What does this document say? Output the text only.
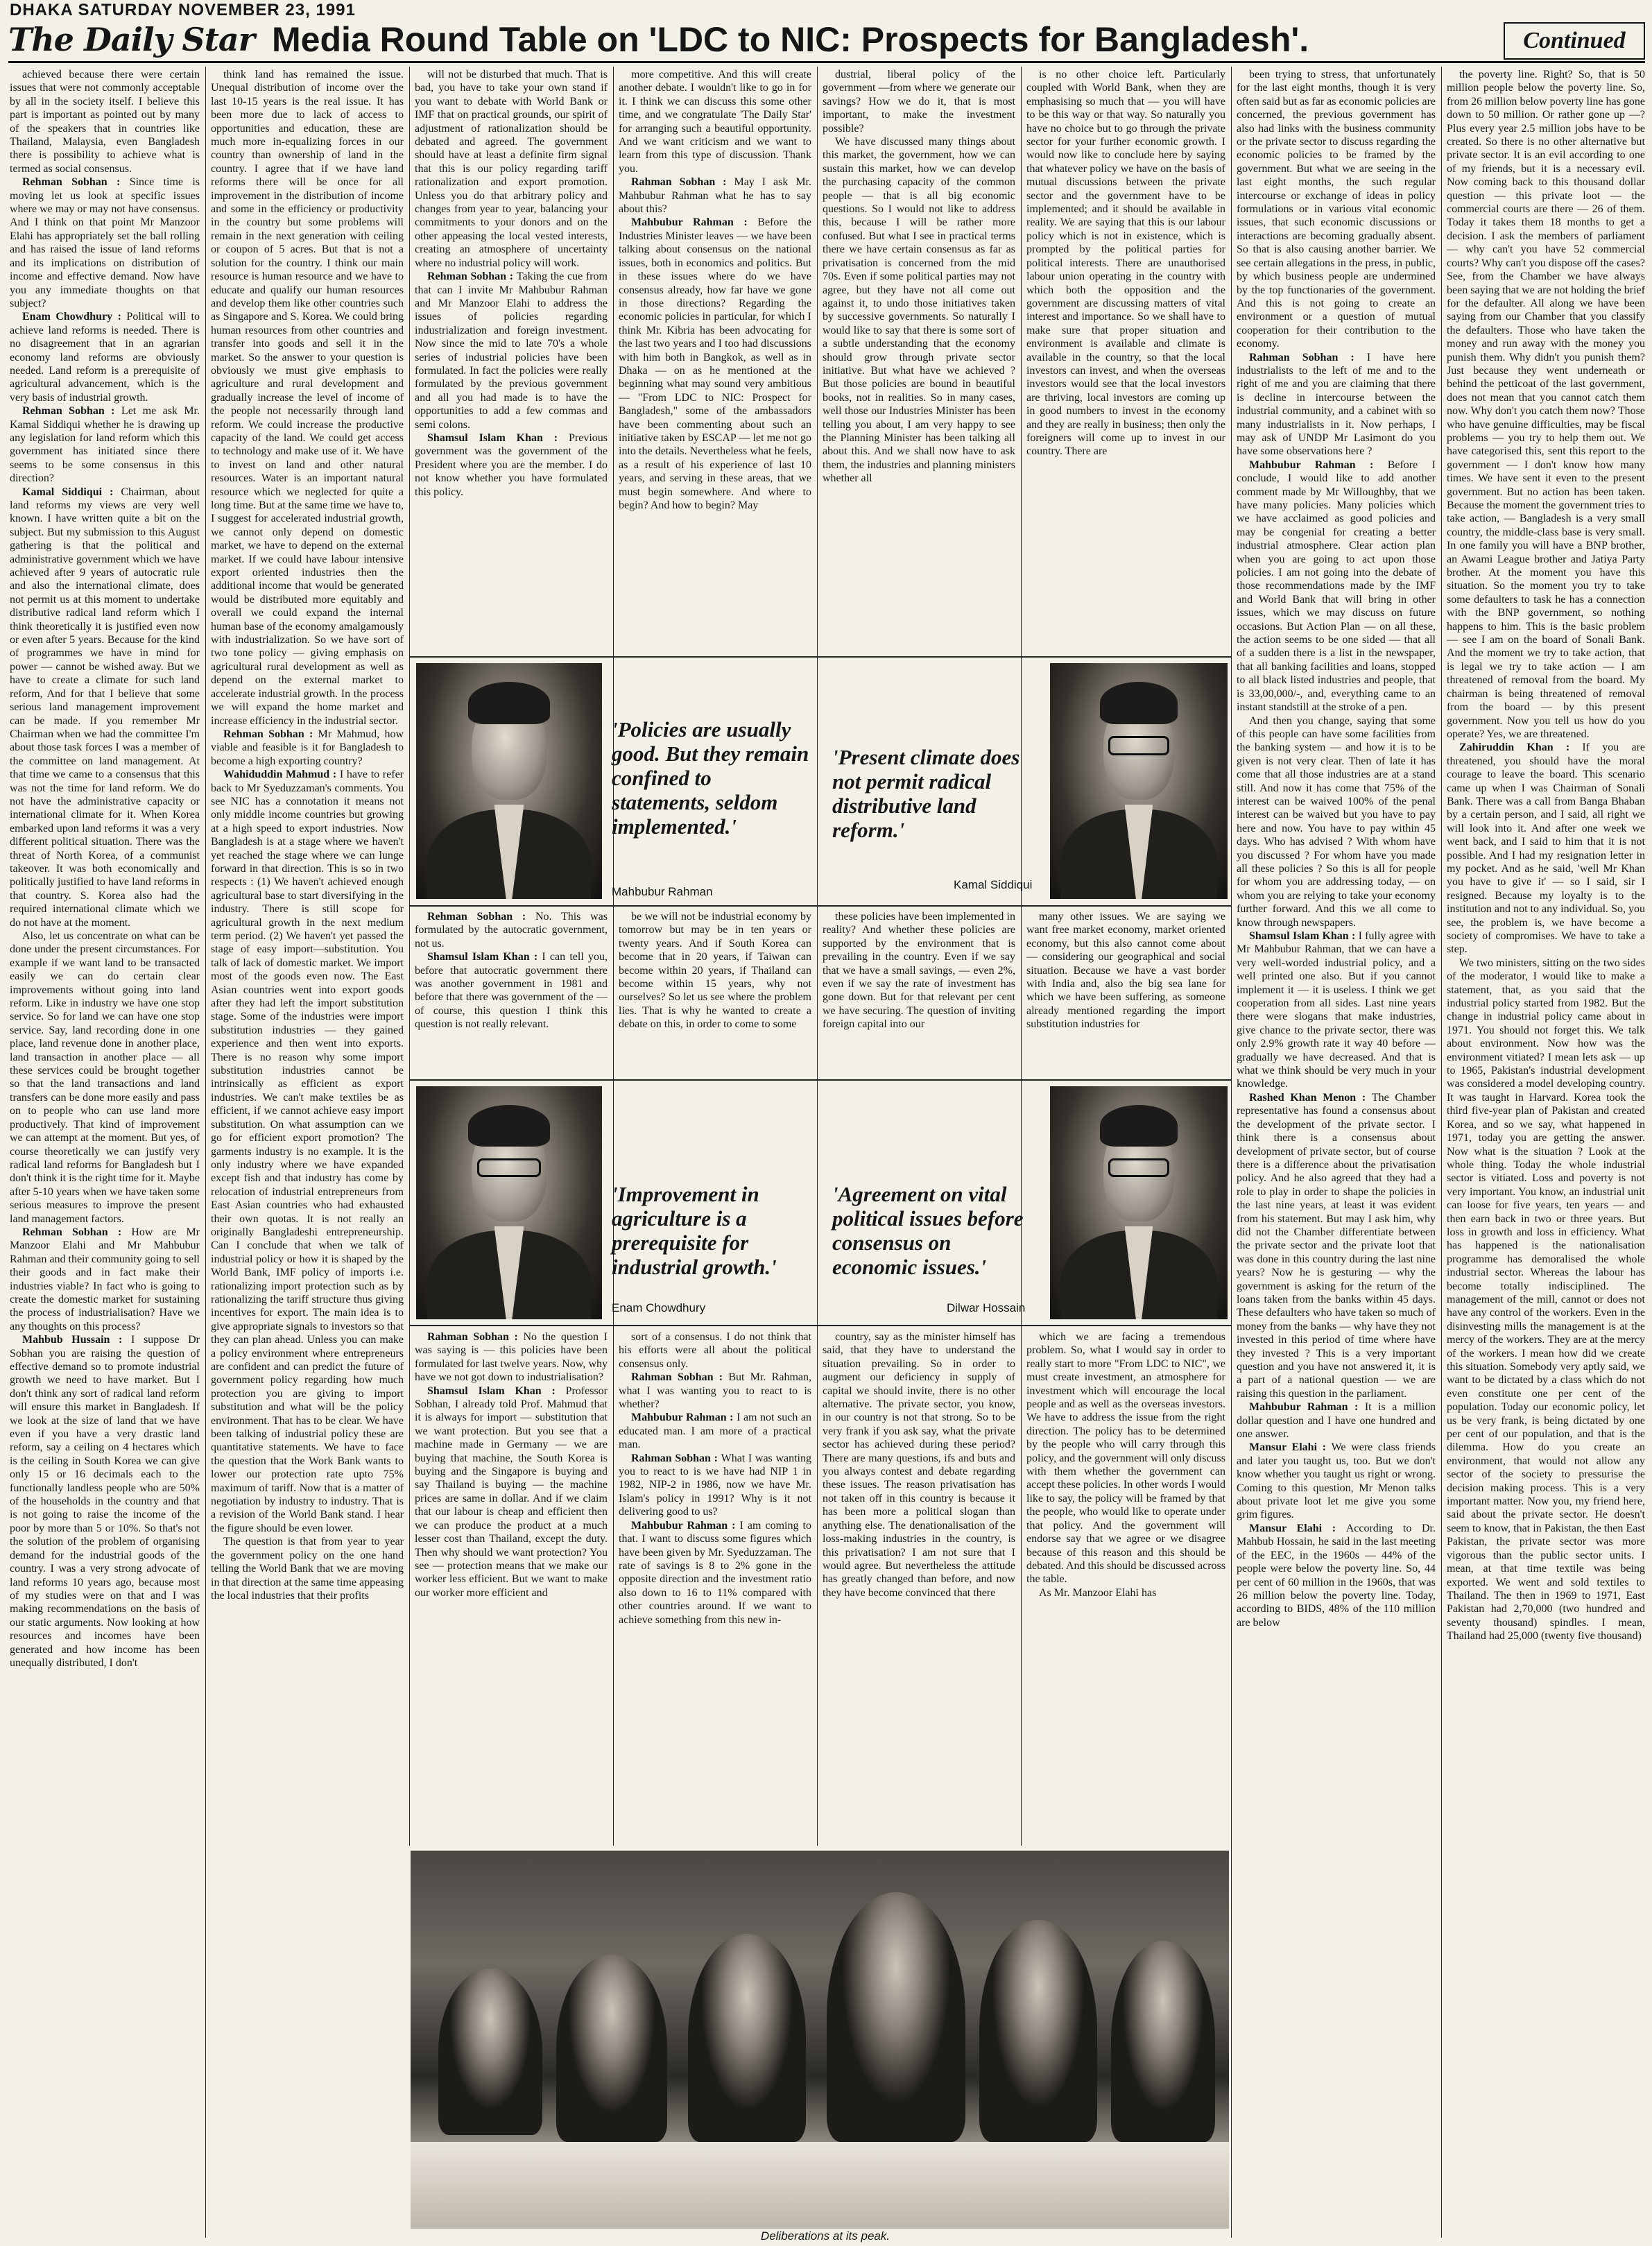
DHAKA SATURDAY NOVEMBER 23, 1991
The Daily Star Media Round Table on 'LDC to NIC: Prospects for Bangladesh'.	Continued

achieved because there were certain issues that were not commonly acceptable by all in the society itself. I believe this part is important as pointed out by many of the speakers that in countries like Thailand, Malaysia, even Bangladesh there is possibility to achieve what is termed as social consensus.

Rehman Sobhan : Since time is moving let us look at specific issues where we may or may not have consensus. And I think on that point Mr Manzoor Elahi has appropriately set the ball rolling and has raised the issue of land reforms and its implications on distribution of income and effective demand. Now have you any immediate thoughts on that subject?

Enam Chowdhury : Political will to achieve land reforms is needed. There is no disagreement that in an agrarian economy land reforms are obviously needed. Land reform is a prerequisite of agricultural advancement, which is the very basis of industrial growth.

Rehman Sobhan : Let me ask Mr. Kamal Siddiqui whether he is drawing up any legislation for land reform which this government has initiated since there seems to be some consensus in this direction?

Kamal Siddiqui : Chairman, about land reforms my views are very well known. I have written quite a bit on the subject. But my submission to this August gathering is that the political and administrative government which we have achieved after 9 years of autocratic rule and also the international climate, does not permit us at this moment to undertake distributive radical land reform which I think theoretically it is justified even now or even after 5 years. Because for the kind of programmes we have in mind for power — cannot be wished away. But we have to create a climate for such land reform, And for that I believe that some serious land management improvement can be made. If you remember Mr Chairman when we had the committee I'm about those task forces I was a member of the committee on land management. At that time we came to a consensus that this was not the time for land reform. We do not have the administrative capacity or international climate for it. When Korea embarked upon land reforms it was a very different political situation. There was the threat of North Korea, of a communist takeover. It was both economically and politically justified to have land reforms in that country. S. Korea also had the required international climate which we do not have at the moment.

Also, let us concentrate on what can be done under the present circumstances. For example if we want land to be transacted easily we can do certain clear improvements without going into land reform. Like in industry we have one stop service. So for land we can have one stop service. Say, land recording done in one place, land revenue done in another place, land transaction in another place — all these services could be brought together so that the land transactions and land transfers can be done more easily and pass on to people who can use land more productively. That kind of improvement we can attempt at the moment. But yes, of course theoretically we can justify very radical land reforms for Bangladesh but I don't think it is the right time for it. Maybe after 5-10 years when we have taken some serious measures to improve the present land management factors.

Rehman Sobhan : How are Mr Manzoor Elahi and Mr Mahbubur Rahman and their community going to sell their goods and in fact make their industries viable? In fact who is going to create the domestic market for sustaining the process of industrialisation? Have we any thoughts on this process?

Mahbub Hussain : I suppose Dr Sobhan you are raising the question of effective demand so to promote industrial growth we need to have market. But I don't think any sort of radical land reform will ensure this market in Bangladesh. If we look at the size of land that we have even if you have a very drastic land reform, say a ceiling on 4 hectares which is the ceiling in South Korea we can give only 15 or 16 decimals each to the functionally landless people who are 50% of the households in the country and that is not going to raise the income of the poor by more than 5 or 10%. So that's not the solution of the problem of organising demand for the industrial goods of the country. I was a very strong advocate of land reforms 10 years ago, because most of my studies were on that and I was making recommendations on the basis of our static arguments. Now looking at how resources and incomes have been generated and how income has been unequally distributed, I don't

think land has remained the issue. Unequal distribution of income over the last 10-15 years is the real issue. It has been more due to lack of access to opportunities and education, these are much more in-equalizing forces in our country than ownership of land in the country. I agree that if we have land reforms there will be once for all improvement in the distribution of income and some in the efficiency or productivity in the country but some problems will remain in the next generation with ceiling or coupon of 5 acres. But that is not a solution for the country. I think our main resource is human resource and we have to educate and qualify our human resources and develop them like other countries such as Singapore and S. Korea. We could bring human resources from other countries and transfer into goods and sell it in the market. So the answer to your question is obviously we must give emphasis to agriculture and rural development and gradually increase the level of income of the people not necessarily through land reform. We could increase the productive capacity of the land. We could get access to technology and make use of it. We have to invest on land and other natural resources. Water is an important natural resource which we neglected for quite a long time. But at the same time we have to, I suggest for accelerated industrial growth, we cannot only depend on domestic market, we have to depend on the external market. If we could have labour intensive export oriented industries then the additional income that would be generated would be distributed more equitably and overall we could expand the internal human base of the economy amalgamously with industrialization. So we have sort of two tone policy — giving emphasis on agricultural rural development as well as depend on the external market to accelerate industrial growth. In the process we will expand the home market and increase efficiency in the industrial sector.

Rehman Sobhan : Mr Mahmud, how viable and feasible is it for Bangladesh to become a high exporting country?

Wahiduddin Mahmud : I have to refer back to Mr Syeduzzaman's comments. You see NIC has a connotation it means not only middle income countries but growing at a high speed to export industries. Now Bangladesh is at a stage where we haven't yet reached the stage where we can lunge forward in that direction. This is so in two respects : (1) We haven't achieved enough agricultural base to start diversifying in the industry. There is still scope for agricultural growth in the next medium term period. (2) We haven't yet passed the stage of easy import—substitution. You talk of lack of domestic market. We import most of the goods even now. The East Asian countries went into export goods after they had left the import substitution stage. Some of the industries were import substitution industries — they gained experience and then went into exports. There is no reason why some import substitution industries cannot be intrinsically as efficient as export industries. We can't make textiles be as efficient, if we cannot achieve easy import substitution. On what assumption can we go for efficient export promotion? The garments industry is no example. It is the only industry where we have expanded except fish and that industry has come by relocation of industrial entrepreneurs from East Asian countries who had exhausted their own quotas. It is not really an originally Bangladeshi entrepreneurship. Can I conclude that when we talk of industrial policy or how it is shaped by the World Bank, IMF policy of imports i.e. rationalizing import protection such as by rationalizing the tariff structure thus giving incentives for export. The main idea is to give appropriate signals to investors so that they can plan ahead. Unless you can make a policy environment where entrepreneurs are confident and can predict the future of government policy regarding how much protection you are giving to import substitution and what will be the policy environment. That has to be clear. We have been talking of industrial policy these are quantitative statements. We have to face the question that the Work Bank wants to lower our protection rate upto 75% maximum of tariff. Now that is a matter of negotiation by industry to industry. That is a revision of the World Bank stand. I hear the figure should be even lower.

The question is that from year to year the government policy on the one hand telling the World Bank that we are moving in that direction at the same time appeasing the local industries that their profits

will not be disturbed that much. That is bad, you have to take your own stand if you want to debate with World Bank or IMF that on practical grounds, our spirit of adjustment of rationalization should be debated and agreed. The government should have at least a definite firm signal that this is our policy regarding tariff rationalization and export promotion. Unless you do that arbitrary policy and changes from year to year, balancing your commitments to your donors and on the other appeasing the local vested interests, creating an atmosphere of uncertainty where no industrial policy will work.

Rehman Sobhan : Taking the cue from that can I invite Mr Mahbubur Rahman and Mr Manzoor Elahi to address the issues of policies regarding industrialization and foreign investment. Now since the mid to late 70's a whole series of industrial policies have been formulated. In fact the policies were really formulated by the previous government and all you had made is to have the opportunities to add a few commas and semi colons.

Shamsul Islam Khan : Previous government was the government of the President where you are the member. I do not know whether you have formulated this policy.

more competitive. And this will create another debate. I wouldn't like to go in for it. I think we can discuss this some other time, and we congratulate 'The Daily Star' for arranging such a beautiful opportunity. And we want criticism and we want to learn from this type of discussion. Thank you.

Rahman Sobhan : May I ask Mr. Mahbubur Rahman what he has to say about this?

Mahbubur Rahman : Before the Industries Minister leaves — we have been talking about consensus on the national issues, both in economics and politics. But in these issues where do we have consensus already, how far have we gone in those directions? Regarding the economic policies in particular, for which I think Mr. Kibria has been advocating for the last two years and I too had discussions with him both in Bangkok, as well as in Dhaka — on as he mentioned at the beginning what may sound very ambitious — "From LDC to NIC: Prospect for Bangladesh," some of the ambassadors have been commenting about such an initiative taken by ESCAP — let me not go into the details. Nevertheless what he feels, as a result of his experience of last 10 years, and serving in these areas, that we must begin somewhere. And where to begin? And how to begin? May

dustrial, liberal policy of the government —from where we generate our savings? How we do it, that is most important, to make the investment possible?

We have discussed many things about this market, the government, how we can sustain this market, how we can develop the purchasing capacity of the common people — that is all big economic questions. So I would not like to address this, because I will be rather more confused. But what I see in practical terms there we have certain consensus as far as privatisation is concerned from the mid 70s. Even if some political parties may not agree, but they have not all come out against it, to undo those initiatives taken by successive governments. So naturally I would like to say that there is some sort of a subtle understanding that the economy should grow through private sector initiative. But what have we achieved ? But those policies are bound in beautiful books, not in realities. So in many cases, well those our Industries Minister has been telling you about, I am very happy to see the Planning Minister has been talking all about this. And we shall now have to ask them, the industries and planning ministers whether all

is no other choice left. Particularly coupled with World Bank, when they are emphasising so much that — you will have to be this way or that way. So naturally you have no choice but to go through the private sector for your further economic growth. I would now like to conclude here by saying that whatever policy we have on the basis of mutual discussions between the private sector and the government have to be implemented; and it should be available in reality. We are saying that this is our labour policy which is not in existence, which is prompted by the political parties for political interests. There are unauthorised labour union operating in the country with which both the opposition and the government are discussing matters of vital interest and importance. So we shall have to make sure that proper situation and environment is available and climate is available in the country, so that the local investors can invest, and when the overseas investors would see that the local investors are thriving, local investors are coming up in good numbers to invest in the economy and they are really in business; then only the foreigners will come up to invest in our country. There are

been trying to stress, that unfortunately for the last eight months, though it is very often said but as far as economic policies are concerned, the previous government has also had links with the business community or the private sector to discuss regarding the economic policies to be framed by the government. But what we are seeing in the last eight months, the such regular intercourse or exchange of ideas in policy formulations or in various vital economic issues, that such economic discussions or interactions are becoming gradually absent. So that is also causing another barrier. We see certain allegations in the press, in public, by which business people are undermined by the top functionaries of the government. And this is not going to create an environment or a question of mutual cooperation for their contribution to the economy.

Rahman Sobhan : I have here industrialists to the left of me and to the right of me and you are claiming that there is decline in intercourse between the industrial community, and a cabinet with so many industrialists in it. Now perhaps, I may ask of UNDP Mr Lasimont do you have some observations here ?

Mahbubur Rahman : Before I conclude, I would like to add another comment made by Mr Willoughby, that we have many policies. Many policies which we have acclaimed as good policies and may be congenial for creating a better industrial atmosphere. Clear action plan when you are going to act upon those policies. I am not going into the debate of those recommendations made by the IMF and World Bank that will bring in other issues, which we may discuss on future occasions. But Action Plan — on all these, the action seems to be one sided — that all of a sudden there is a list in the newspaper, that all banking facilities and loans, stopped to all black listed industries and people, that is 33,00,000/-, and, everything came to an instant standstill at the stroke of a pen.

And then you change, saying that some of this people can have some facilities from the banking system — and how it is to be given is not very clear. Then of late it has come that all those industries are at a stand still. And now it has come that 75% of the interest can be waived 100% of the penal interest can be waived but you have to pay here and now. You have to pay within 45 days. Who has advised ? With whom have you discussed ? For whom have you made all these policies ? So this is all for people for whom you are addressing today, — on whom you are relying to take your economy further forward. And this we all come to know through newspapers.

Shamsul Islam Khan : I fully agree with Mr Mahbubur Rahman, that we can have a very well-worded industrial policy, and a well printed one also. But if you cannot implement it — it is useless. I think we get cooperation from all sides. Last nine years there were slogans that make industries, give chance to the private sector, there was only 2.9% growth rate it way 40 before — gradually we have decreased. And that is what we think should be very much in your knowledge.

Rashed Khan Menon : The Chamber representative has found a consensus about the development of the private sector. I think there is a consensus about development of private sector, but of course there is a difference about the privatisation policy. And he also agreed that they had a role to play in order to shape the policies in the last nine years, at least it was evident from his statement. But may I ask him, why did not the Chamber differentiate between the private sector and the private loot that was done in this country during the last nine years? Now he is gesturing — why the government is asking for the return of the loans taken from the banks within 45 days. These defaulters who have taken so much of money from the banks — why have they not invested in this period of time where have they invested ? This is a very important question and you have not answered it, it is a part of a national question — we are raising this question in the parliament.

Mahbubur Rahman : It is a million dollar question and I have one hundred and one answer.

Mansur Elahi : We were class friends and later you taught us, too. But we don't know whether you taught us right or wrong. Coming to this question, Mr Menon talks about private loot let me give you some grim figures.

Mansur Elahi : According to Dr. Mahbub Hossain, he said in the last meeting of the EEC, in the 1960s — 44% of the people were below the poverty line. So, 44 per cent of 60 million in the 1960s, that was 26 million below the poverty line. Today, according to BIDS, 48% of the 110 million are below

the poverty line. Right? So, that is 50 million people below the poverty line. So, from 26 million below poverty line has gone down to 50 million. Or rather gone up —? Plus every year 2.5 million jobs have to be created. So there is no other alternative but private sector. It is an evil according to one of my friends, but it is a necessary evil. Now coming back to this thousand dollar question — this private loot — the commercial courts are there — 26 of them. Today it takes them 18 months to get a decision. I ask the members of parliament — why can't you have 52 commercial courts? Why can't you dispose off the cases? See, from the Chamber we have always been saying that we are not holding the brief for the defaulter. All along we have been saying from our Chamber that you classify the defaulters. Those who have taken the money and run away with the money you punish them. Why didn't you punish them? Just because they went underneath or behind the petticoat of the last government, does not mean that you cannot catch them now. Why don't you catch them now? Those who have genuine difficulties, may be fiscal problems — you try to help them out. We have categorised this, sent this report to the government — I don't know how many times. We have sent it even to the present government. But no action has been taken. Because the moment the government tries to take action, — Bangladesh is a very small country, the middle-class base is very small. In one family you will have a BNP brother, an Awami League brother and Jatiya Party brother. At the moment you have this situation. So the moment you try to take some defaulters to task he has a connection with the BNP government, so nothing happens to him. This is the basic problem — see I am on the board of Sonali Bank. And the moment we try to take action, that is legal we try to take action — I am threatened of removal from the board. My chairman is being threatened of removal from the board — by this present government. Now you tell us how do you operate? Yes, we are threatened.

Zahiruddin Khan : If you are threatened, you should have the moral courage to leave the board. This scenario came up when I was Chairman of Sonali Bank. There was a call from Banga Bhaban by a certain person, and I said, all right we will look into it. And after one week we went back, and I said to him that it is not possible. And I had my resignation letter in my pocket. And as he said, 'well Mr Khan you have to give it' — so I said, sir I resigned. Because my loyalty is to the institution and not to any individual. So, you see, the problem is, we have become a society of compromises. We have to take a step.

We two ministers, sitting on the two sides of the moderator, I would like to make a statement, that, as you said that the industrial policy started from 1982. But the change in industrial policy came about in 1971. You should not forget this. We talk about environment. Now how was the environment vitiated? I mean lets ask — up to 1965, Pakistan's industrial development was considered a model developing country. It was taught in Harvard. Korea took the third five-year plan of Pakistan and created Korea, and so we say, what happened in 1971, today you are getting the answer. Now what is the situation ? Look at the whole thing. Today the whole industrial sector is vitiated. Loss and poverty is not very important. You know, an industrial unit can loose for five years, ten years — and then earn back in two or three years. But loss in growth and loss in efficiency. What has happened is the nationalisation programme has demoralised the whole industrial sector. Whereas the labour has become totally indisciplined. The management of the mill, cannot or does not have any control of the workers. Even in the disinvesting mills the management is at the mercy of the workers. They are at the mercy of the workers. I mean how did we create this situation. Somebody very aptly said, we want to be dictated by a class which do not even constitute one per cent of the population. Today our economic policy, let us be very frank, is being dictated by one per cent of our population, and that is the dilemma. How do you create an environment, that would not allow any sector of the society to pressurise the decision making process. This is a very important matter. Now you, my friend here, said about the private sector. He doesn't seem to know, that in Pakistan, the then East Pakistan, the private sector was more vigorous than the public sector units. I mean, at that time textile was being exported. We went and sold textiles to Thailand. The then in 1969 to 1971, East Pakistan had 2,70,000 (two hundred and seventy thousand) spindles. I mean, Thailand had 25,000 (twenty five thousand)

'Policies are usually good. But they remain confined to statements, seldom implemented.'
Mahbubur Rahman
'Present climate does not permit radical distributive land reform.'
Kamal Siddiqui

Rehman Sobhan : No. This was formulated by the autocratic government, not us.

Shamsul Islam Khan : I can tell you, before that autocratic government there was another government in 1981 and before that there was government of the — of course, this question I think this question is not really relevant.

be we will not be industrial economy by tomorrow but may be in ten years or twenty years. And if South Korea can become that in 20 years, if Taiwan can become within 20 years, if Thailand can become within 15 years, why not ourselves? So let us see where the problem lies. That is why he wanted to create a debate on this, in order to come to some

these policies have been implemented in reality? And whether these policies are supported by the environment that is prevailing in the country. Even if we say that we have a small savings, — even 2%, even if we say the rate of investment has gone down. But for that relevant per cent we have securing. The question of inviting foreign capital into our

many other issues. We are saying we want free market economy, market oriented economy, but this also cannot come about — considering our geographical and social situation. Because we have a vast border with India and, also the big sea lane for which we have been suffering, as someone already mentioned regarding the import substitution industries for

'Improvement in agriculture is a prerequisite for industrial growth.'
Enam Chowdhury
'Agreement on vital political issues before consensus on economic issues.'
Dilwar Hossain

Rahman Sobhan : No the question I was saying is — this policies have been formulated for last twelve years. Now, why have we not got down to industrialisation?

Shamsul Islam Khan : Professor Sobhan, I already told Prof. Mahmud that it is always for import — substitution that we want protection. But you see that a machine made in Germany — we are buying that machine, the South Korea is buying and the Singapore is buying and say Thailand is buying — the machine prices are same in dollar. And if we claim that our labour is cheap and efficient then we can produce the product at a much lesser cost than Thailand, except the duty. Then why should we want protection? You see — protection means that we make our worker less efficient. But we want to make our worker more efficient and

sort of a consensus. I do not think that his efforts were all about the political consensus only.

Rahman Sobhan : But Mr. Rahman, what I was wanting you to react to is whether?

Mahbubur Rahman : I am not such an educated man. I am more of a practical man.

Rahman Sobhan : What I was wanting you to react to is we have had NIP 1 in 1982, NIP-2 in 1986, now we have Mr. Islam's policy in 1991? Why is it not delivering good to us?

Mahbubur Rahman : I am coming to that. I want to discuss some figures which have been given by Mr. Syeduzzaman. The rate of savings is 8 to 2% gone in the opposite direction and the investment ratio also down to 16 to 11% compared with other countries around. If we want to achieve something from this new in-

country, say as the minister himself has said, that they have to understand the situation prevailing. So in order to augment our deficiency in supply of capital we should invite, there is no other alternative. The private sector, you know, in our country is not that strong. So to be very frank if you ask say, what the private sector has achieved during these period? There are many questions, ifs and buts and you always contest and debate regarding these issues. The reason privatisation has not taken off in this country is because it has been more a political slogan than anything else. The denationalisation of the loss-making industries in the country, is this privatisation? I am not sure that I would agree. But nevertheless the attitude has greatly changed than before, and now they have become convinced that there

which we are facing a tremendous problem. So, what I would say in order to really start to more "From LDC to NIC", we must create investment, an atmosphere for investment which will encourage the local people and as well as the overseas investors. We have to address the issue from the right direction. The policy has to be determined by the people who will carry through this policy, and the government will only discuss with them whether the government can accept these policies. In other words I would like to say, the policy will be framed by that the people, who would like to operate under that policy. And the government will endorse say that we agree or we disagree because of this reason and this should be debated. And this should be discussed across the table.

As Mr. Manzoor Elahi has

Deliberations at its peak.
